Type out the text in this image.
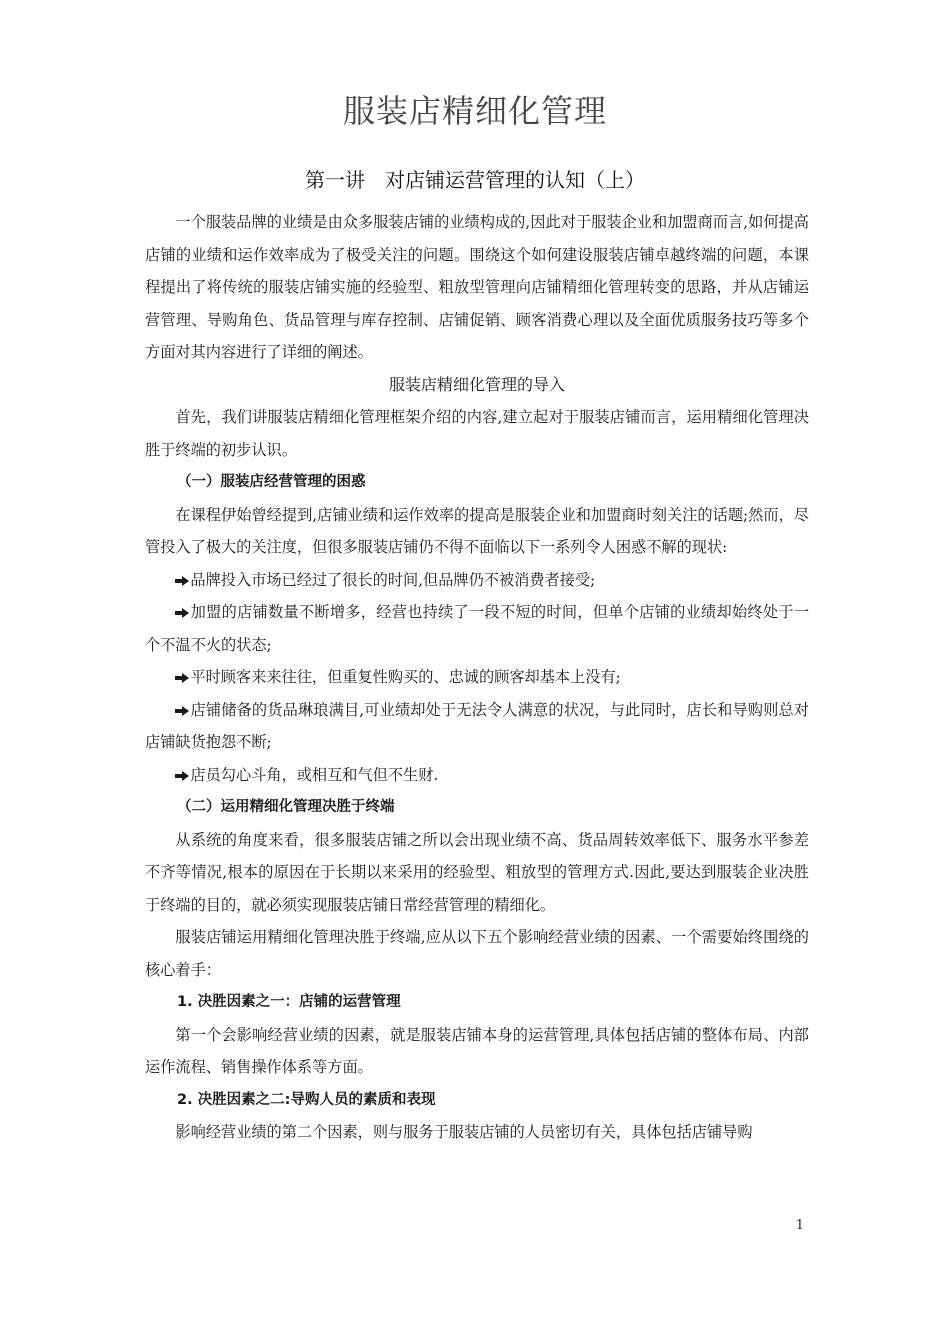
服装店精细化管理
第一讲　对店铺运营管理的认知（上）

一个服装品牌的业绩是由众多服装店铺的业绩构成的,因此对于服装企业和加盟商而言,如何提高店铺的业绩和运作效率成为了极受关注的问题。围绕这个如何建设服装店铺卓越终端的问题，本课程提出了将传统的服装店铺实施的经验型、粗放型管理向店铺精细化管理转变的思路，并从店铺运营管理、导购角色、货品管理与库存控制、店铺促销、顾客消费心理以及全面优质服务技巧等多个方面对其内容进行了详细的阐述。

服装店精细化管理的导入

首先，我们讲服装店精细化管理框架介绍的内容,建立起对于服装店铺而言，运用精细化管理决胜于终端的初步认识。

（一）服装店经营管理的困惑

在课程伊始曾经提到,店铺业绩和运作效率的提高是服装企业和加盟商时刻关注的话题;然而，尽管投入了极大的关注度，但很多服装店铺仍不得不面临以下一系列令人困惑不解的现状:

品牌投入市场已经过了很长的时间,但品牌仍不被消费者接受;

加盟的店铺数量不断增多，经营也持续了一段不短的时间，但单个店铺的业绩却始终处于一个不温不火的状态;

平时顾客来来往往，但重复性购买的、忠诚的顾客却基本上没有;

店铺储备的货品琳琅满目,可业绩却处于无法令人满意的状况，与此同时，店长和导购则总对店铺缺货抱怨不断;

店员勾心斗角，或相互和气但不生财.

（二）运用精细化管理决胜于终端

从系统的角度来看，很多服装店铺之所以会出现业绩不高、货品周转效率低下、服务水平参差不齐等情况,根本的原因在于长期以来采用的经验型、粗放型的管理方式.因此,要达到服装企业决胜于终端的目的，就必须实现服装店铺日常经营管理的精细化。

服装店铺运用精细化管理决胜于终端,应从以下五个影响经营业绩的因素、一个需要始终围绕的核心着手：

1. 决胜因素之一：店铺的运营管理

第一个会影响经营业绩的因素，就是服装店铺本身的运营管理,具体包括店铺的整体布局、内部运作流程、销售操作体系等方面。

2. 决胜因素之二:导购人员的素质和表现

影响经营业绩的第二个因素，则与服务于服装店铺的人员密切有关，具体包括店铺导购

1
